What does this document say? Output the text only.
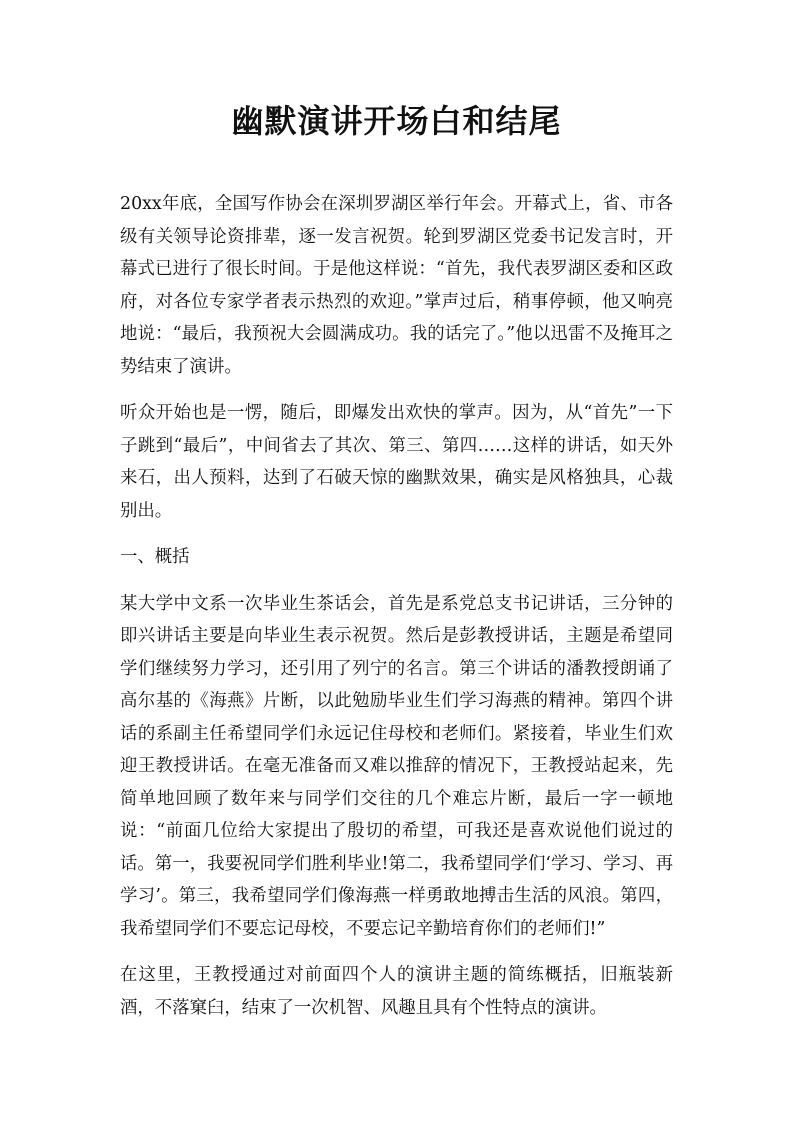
幽默演讲开场白和结尾

20xx年底，全国写作协会在深圳罗湖区举行年会。开幕式上，省、市各级有关领导论资排辈，逐一发言祝贺。轮到罗湖区党委书记发言时，开幕式已进行了很长时间。于是他这样说：“首先，我代表罗湖区委和区政府，对各位专家学者表示热烈的欢迎。”掌声过后，稍事停顿，他又响亮地说：“最后，我预祝大会圆满成功。我的话完了。”他以迅雷不及掩耳之势结束了演讲。

听众开始也是一愣，随后，即爆发出欢快的掌声。因为，从“首先”一下子跳到“最后”，中间省去了其次、第三、第四……这样的讲话，如天外来石，出人预料，达到了石破天惊的幽默效果，确实是风格独具，心裁别出。

一、概括

某大学中文系一次毕业生茶话会，首先是系党总支书记讲话，三分钟的即兴讲话主要是向毕业生表示祝贺。然后是彭教授讲话，主题是希望同学们继续努力学习，还引用了列宁的名言。第三个讲话的潘教授朗诵了高尔基的《海燕》片断，以此勉励毕业生们学习海燕的精神。第四个讲话的系副主任希望同学们永远记住母校和老师们。紧接着，毕业生们欢迎王教授讲话。在毫无准备而又难以推辞的情况下，王教授站起来，先简单地回顾了数年来与同学们交往的几个难忘片断，最后一字一顿地说：“前面几位给大家提出了殷切的希望，可我还是喜欢说他们说过的话。第一，我要祝同学们胜利毕业!第二，我希望同学们‘学习、学习、再学习’。第三，我希望同学们像海燕一样勇敢地搏击生活的风浪。第四，我希望同学们不要忘记母校，不要忘记辛勤培育你们的老师们!”

在这里，王教授通过对前面四个人的演讲主题的简练概括，旧瓶装新酒，不落窠臼，结束了一次机智、风趣且具有个性特点的演讲。
